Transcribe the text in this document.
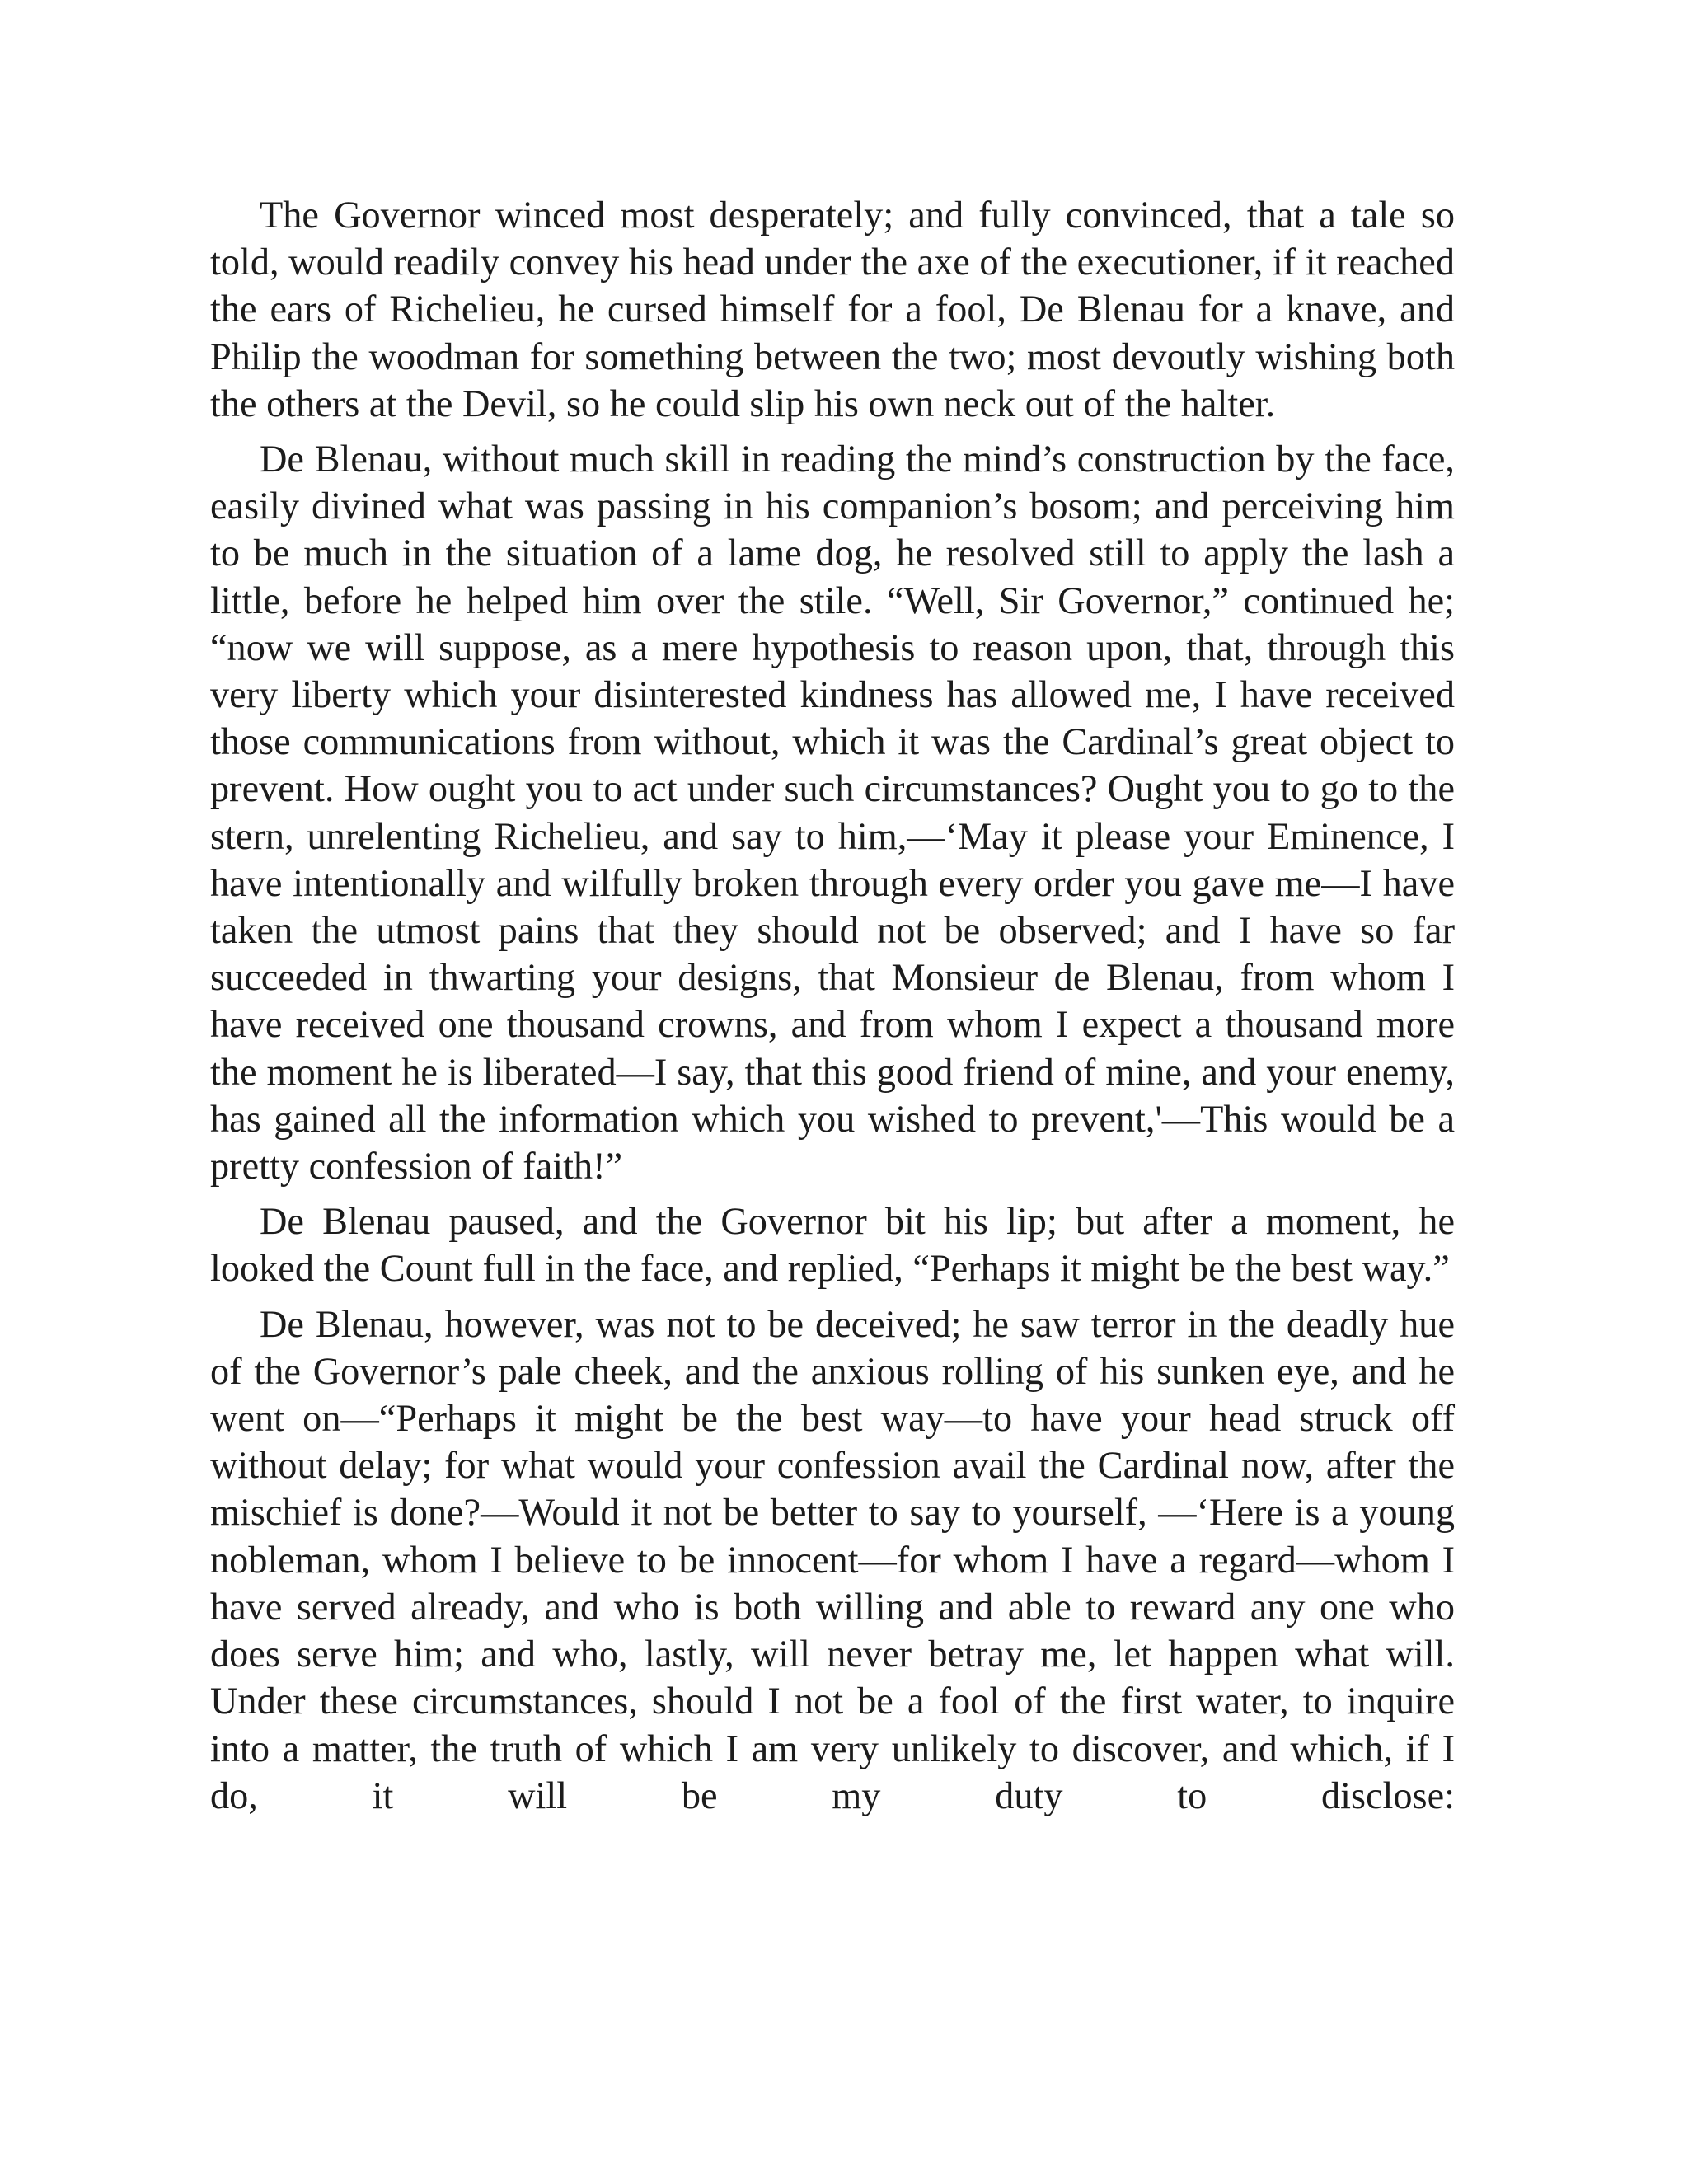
The Governor winced most desperately; and fully convinced, that a tale so told, would readily convey his head under the axe of the executioner, if it reached the ears of Richelieu, he cursed himself for a fool, De Blenau for a knave, and Philip the woodman for something between the two; most devoutly wishing both the others at the Devil, so he could slip his own neck out of the halter.

De Blenau, without much skill in reading the mind’s construction by the face, easily divined what was passing in his companion’s bosom; and perceiving him to be much in the situation of a lame dog, he resolved still to apply the lash a little, before he helped him over the stile. “Well, Sir Governor,” continued he; “now we will suppose, as a mere hypothesis to reason upon, that, through this very liberty which your disinterested kindness has allowed me, I have received those communications from without, which it was the Cardinal’s great object to prevent. How ought you to act under such circumstances? Ought you to go to the stern, unrelenting Richelieu, and say to him,—‘May it please your Eminence, I have intentionally and wilfully broken through every order you gave me—I have taken the utmost pains that they should not be observed; and I have so far succeeded in thwarting your designs, that Monsieur de Blenau, from whom I have received one thousand crowns, and from whom I expect a thousand more the moment he is liberated—I say, that this good friend of mine, and your enemy, has gained all the information which you wished to prevent,'—This would be a pretty confession of faith!”

De Blenau paused, and the Governor bit his lip; but after a moment, he looked the Count full in the face, and replied, “Perhaps it might be the best way.”

De Blenau, however, was not to be deceived; he saw terror in the deadly hue of the Governor’s pale cheek, and the anxious rolling of his sunken eye, and he went on—“Perhaps it might be the best way—to have your head struck off without delay; for what would your confession avail the Cardinal now, after the mischief is done?—Would it not be better to say to yourself, —‘Here is a young nobleman, whom I believe to be innocent—for whom I have a regard—whom I have served already, and who is both willing and able to reward any one who does serve him; and who, lastly, will never betray me, let happen what will. Under these circumstances, should I not be a fool of the first water, to inquire into a matter, the truth of which I am very unlikely to discover, and which, if I do, it will be my duty to disclose:
